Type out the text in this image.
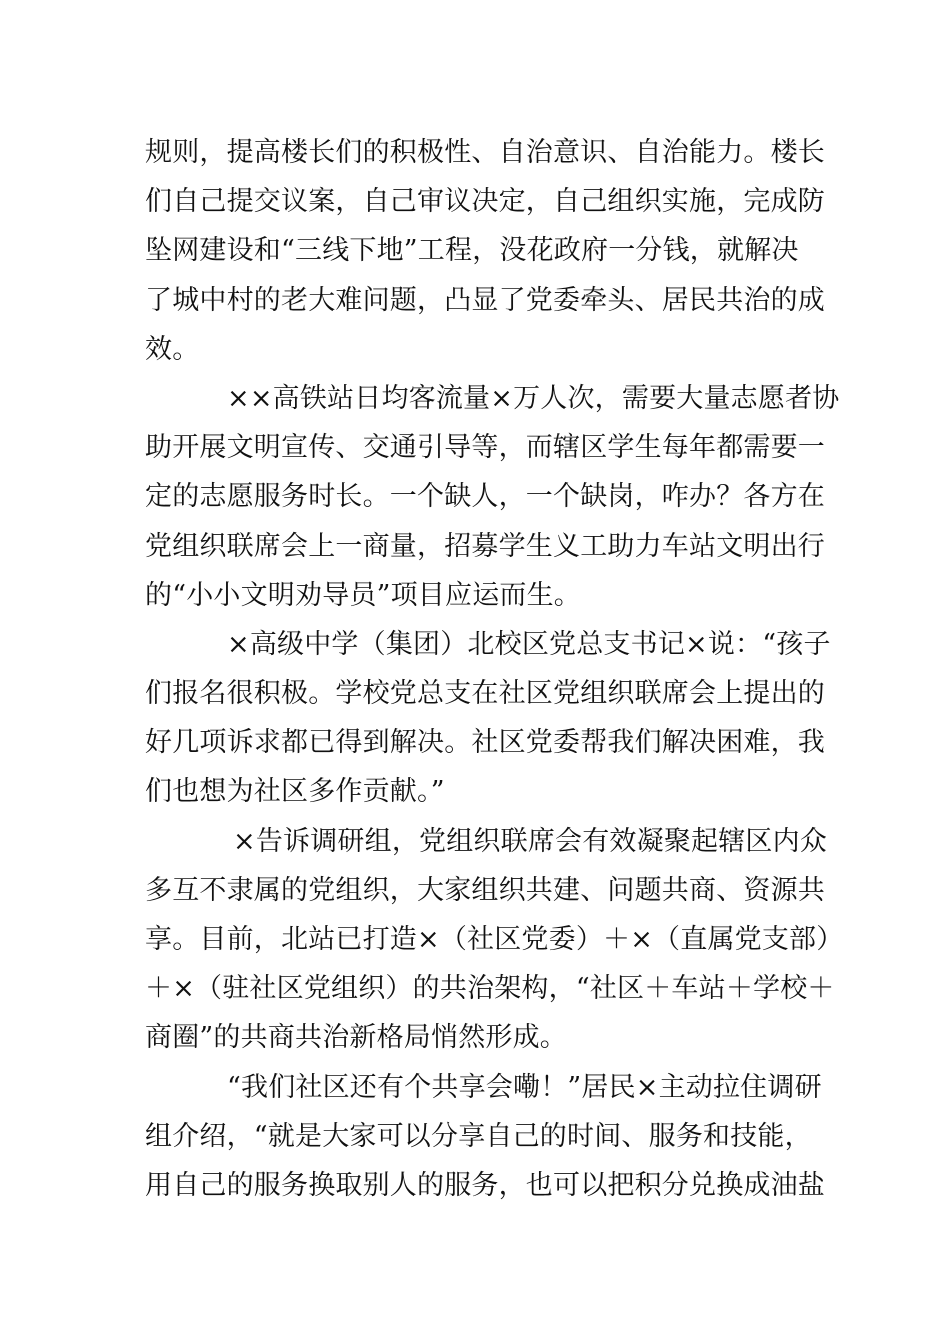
规则，提高楼长们的积极性、自治意识、自治能力。楼长
们自己提交议案，自己审议决定，自己组织实施，完成防
坠网建设和“三线下地”工程，没花政府一分钱，就解决
了城中村的老大难问题，凸显了党委牵头、居民共治的成
效。
××高铁站日均客流量×万人次，需要大量志愿者协
助开展文明宣传、交通引导等，而辖区学生每年都需要一
定的志愿服务时长。一个缺人，一个缺岗，咋办？各方在
党组织联席会上一商量，招募学生义工助力车站文明出行
的“小小文明劝导员”项目应运而生。
×高级中学（集团）北校区党总支书记×说：“孩子
们报名很积极。学校党总支在社区党组织联席会上提出的
好几项诉求都已得到解决。社区党委帮我们解决困难，我
们也想为社区多作贡献。”
×告诉调研组，党组织联席会有效凝聚起辖区内众
多互不隶属的党组织，大家组织共建、问题共商、资源共
享。目前，北站已打造×（社区党委）＋×（直属党支部）
＋×（驻社区党组织）的共治架构，“社区＋车站＋学校＋
商圈”的共商共治新格局悄然形成。
“我们社区还有个共享会嘞！”居民×主动拉住调研
组介绍，“就是大家可以分享自己的时间、服务和技能，
用自己的服务换取别人的服务，也可以把积分兑换成油盐
